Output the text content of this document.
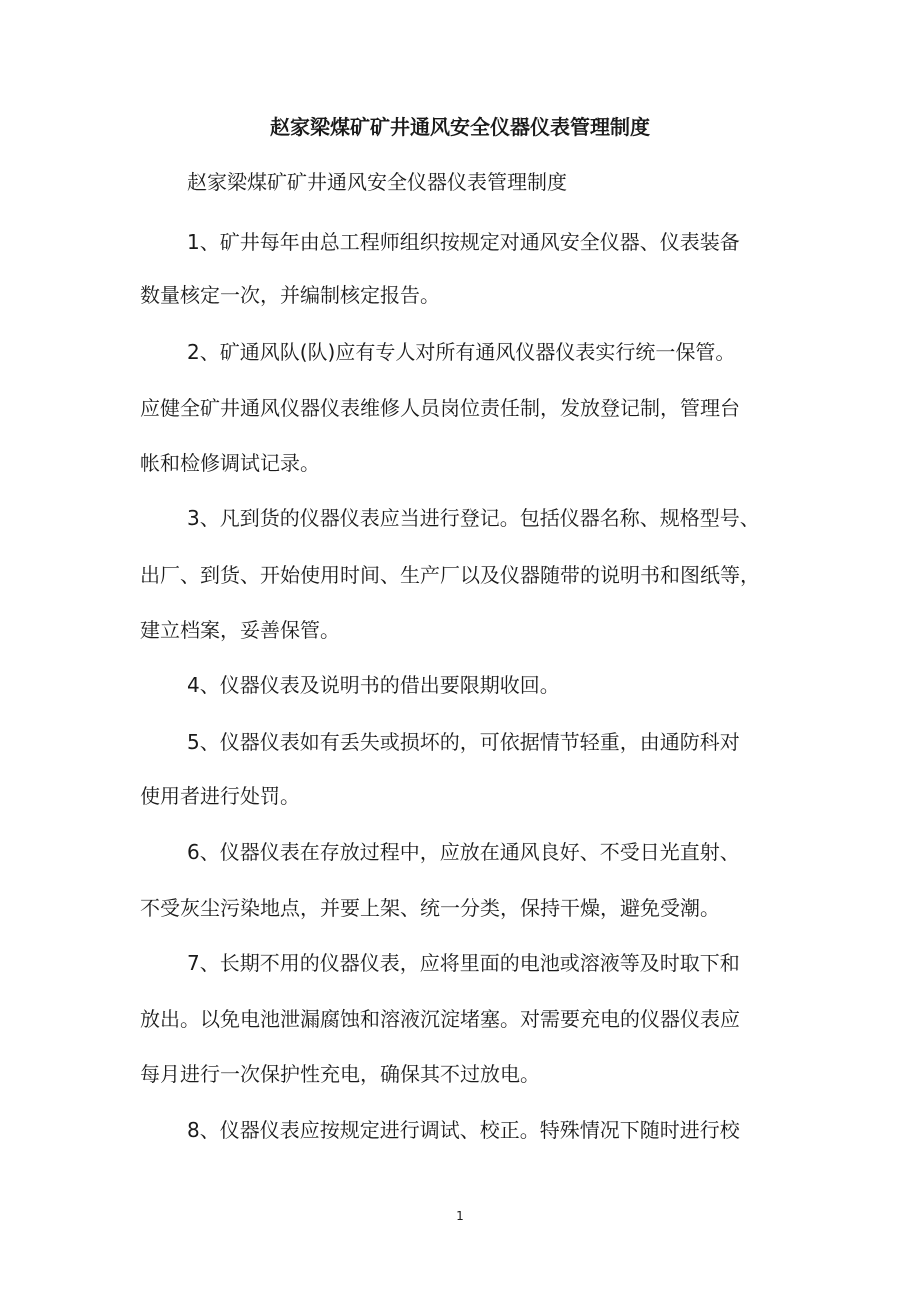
赵家梁煤矿矿井通风安全仪器仪表管理制度
赵家梁煤矿矿井通风安全仪器仪表管理制度
1、矿井每年由总工程师组织按规定对通风安全仪器、仪表装备
数量核定一次，并编制核定报告。
2、矿通风队(队)应有专人对所有通风仪器仪表实行统一保管。
应健全矿井通风仪器仪表维修人员岗位责任制，发放登记制，管理台
帐和检修调试记录。
3、凡到货的仪器仪表应当进行登记。包括仪器名称、规格型号、
出厂、到货、开始使用时间、生产厂以及仪器随带的说明书和图纸等，
建立档案，妥善保管。
4、仪器仪表及说明书的借出要限期收回。
5、仪器仪表如有丢失或损坏的，可依据情节轻重，由通防科对
使用者进行处罚。
6、仪器仪表在存放过程中，应放在通风良好、不受日光直射、
不受灰尘污染地点，并要上架、统一分类，保持干燥，避免受潮。
7、长期不用的仪器仪表，应将里面的电池或溶液等及时取下和
放出。以免电池泄漏腐蚀和溶液沉淀堵塞。对需要充电的仪器仪表应
每月进行一次保护性充电，确保其不过放电。
8、仪器仪表应按规定进行调试、校正。特殊情况下随时进行校
1
